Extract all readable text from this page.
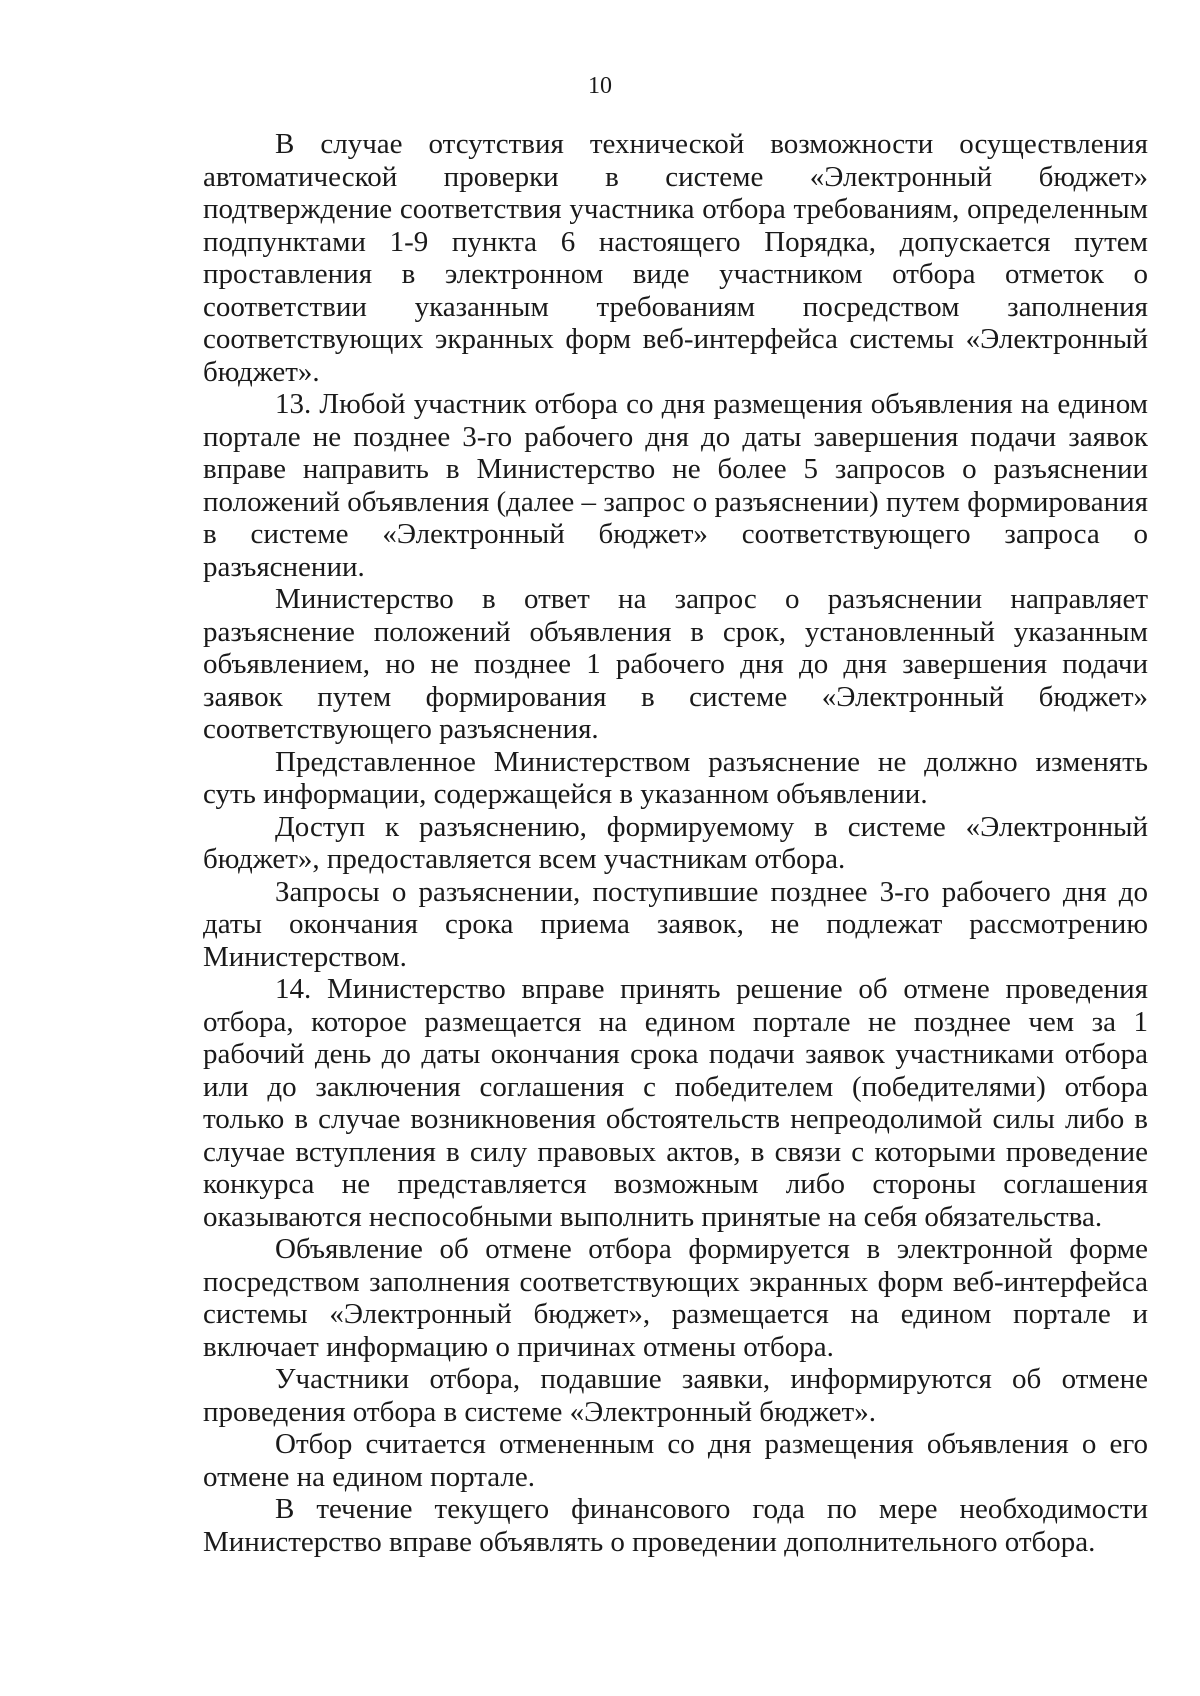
10

В случае отсутствия технической возможности осуществления автоматической проверки в системе «Электронный бюджет» подтверждение соответствия участника отбора требованиям, определенным подпунктами 1-9 пункта 6 настоящего Порядка, допускается путем проставления в электронном виде участником отбора отметок о соответствии указанным требованиям посредством заполнения соответствующих экранных форм веб-интерфейса системы «Электронный бюджет».

13. Любой участник отбора со дня размещения объявления на едином портале не позднее 3-го рабочего дня до даты завершения подачи заявок вправе направить в Министерство не более 5 запросов о разъяснении положений объявления (далее – запрос о разъяснении) путем формирования в системе «Электронный бюджет» соответствующего запроса о разъяснении.

Министерство в ответ на запрос о разъяснении направляет разъяснение положений объявления в срок, установленный указанным объявлением, но не позднее 1 рабочего дня до дня завершения подачи заявок путем формирования в системе «Электронный бюджет» соответствующего разъяснения.

Представленное Министерством разъяснение не должно изменять суть информации, содержащейся в указанном объявлении.

Доступ к разъяснению, формируемому в системе «Электронный бюджет», предоставляется всем участникам отбора.

Запросы о разъяснении, поступившие позднее 3-го рабочего дня до даты окончания срока приема заявок, не подлежат рассмотрению Министерством.

14. Министерство вправе принять решение об отмене проведения отбора, которое размещается на едином портале не позднее чем за 1 рабочий день до даты окончания срока подачи заявок участниками отбора или до заключения соглашения с победителем (победителями) отбора только в случае возникновения обстоятельств непреодолимой силы либо в случае вступления в силу правовых актов, в связи с которыми проведение конкурса не представляется возможным либо стороны соглашения оказываются неспособными выполнить принятые на себя обязательства.

Объявление об отмене отбора формируется в электронной форме посредством заполнения соответствующих экранных форм веб-интерфейса системы «Электронный бюджет», размещается на едином портале и включает информацию о причинах отмены отбора.

Участники отбора, подавшие заявки, информируются об отмене проведения отбора в системе «Электронный бюджет».

Отбор считается отмененным со дня размещения объявления о его отмене на едином портале.

В течение текущего финансового года по мере необходимости Министерство вправе объявлять о проведении дополнительного отбора.
